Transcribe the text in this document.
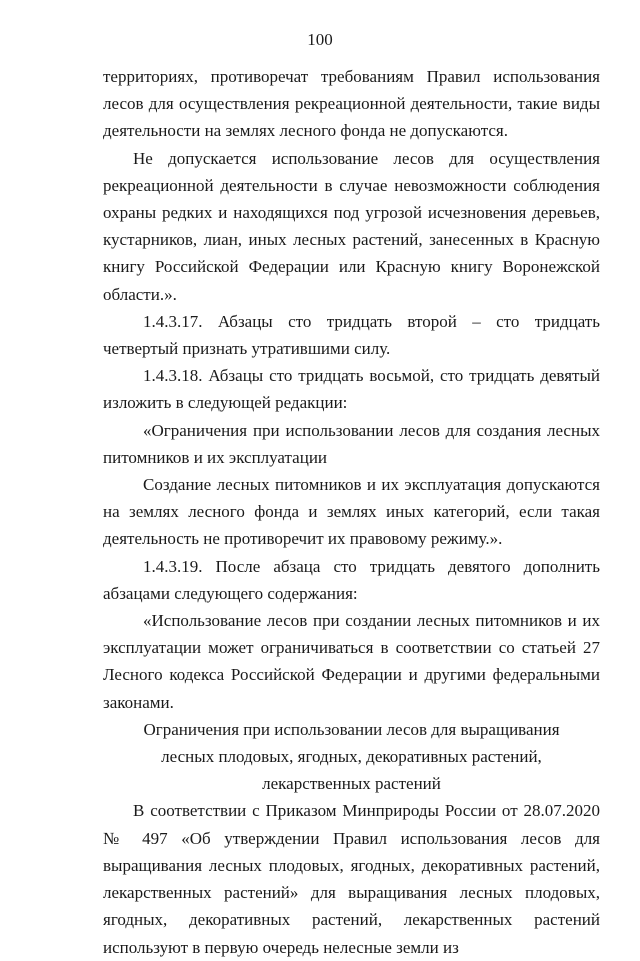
100

территориях, противоречат требованиям Правил использования лесов для осуществления рекреационной деятельности, такие виды деятельности на землях лесного фонда не допускаются.

Не допускается использование лесов для осуществления рекреационной деятельности в случае невозможности соблюдения охраны редких и находящихся под угрозой исчезновения деревьев, кустарников, лиан, иных лесных растений, занесенных в Красную книгу Российской Федерации или Красную книгу Воронежской области.».

1.4.3.17. Абзацы сто тридцать второй – сто тридцать четвертый признать утратившими силу.

1.4.3.18. Абзацы сто тридцать восьмой, сто тридцать девятый изложить в следующей редакции:

«Ограничения при использовании лесов для создания лесных питомников и их эксплуатации

Создание лесных питомников и их эксплуатация допускаются на землях лесного фонда и землях иных категорий, если такая деятельность не противоречит их правовому режиму.».

1.4.3.19. После абзаца сто тридцать девятого дополнить абзацами следующего содержания:

«Использование лесов при создании лесных питомников и их эксплуатации может ограничиваться в соответствии со статьей 27 Лесного кодекса Российской Федерации и другими федеральными законами.

Ограничения при использовании лесов для выращивания лесных плодовых, ягодных, декоративных растений, лекарственных растений

В соответствии с Приказом Минприроды России от 28.07.2020 № 497 «Об утверждении Правил использования лесов для выращивания лесных плодовых, ягодных, декоративных растений, лекарственных растений» для выращивания лесных плодовых, ягодных, декоративных растений, лекарственных растений используют в первую очередь нелесные земли из
